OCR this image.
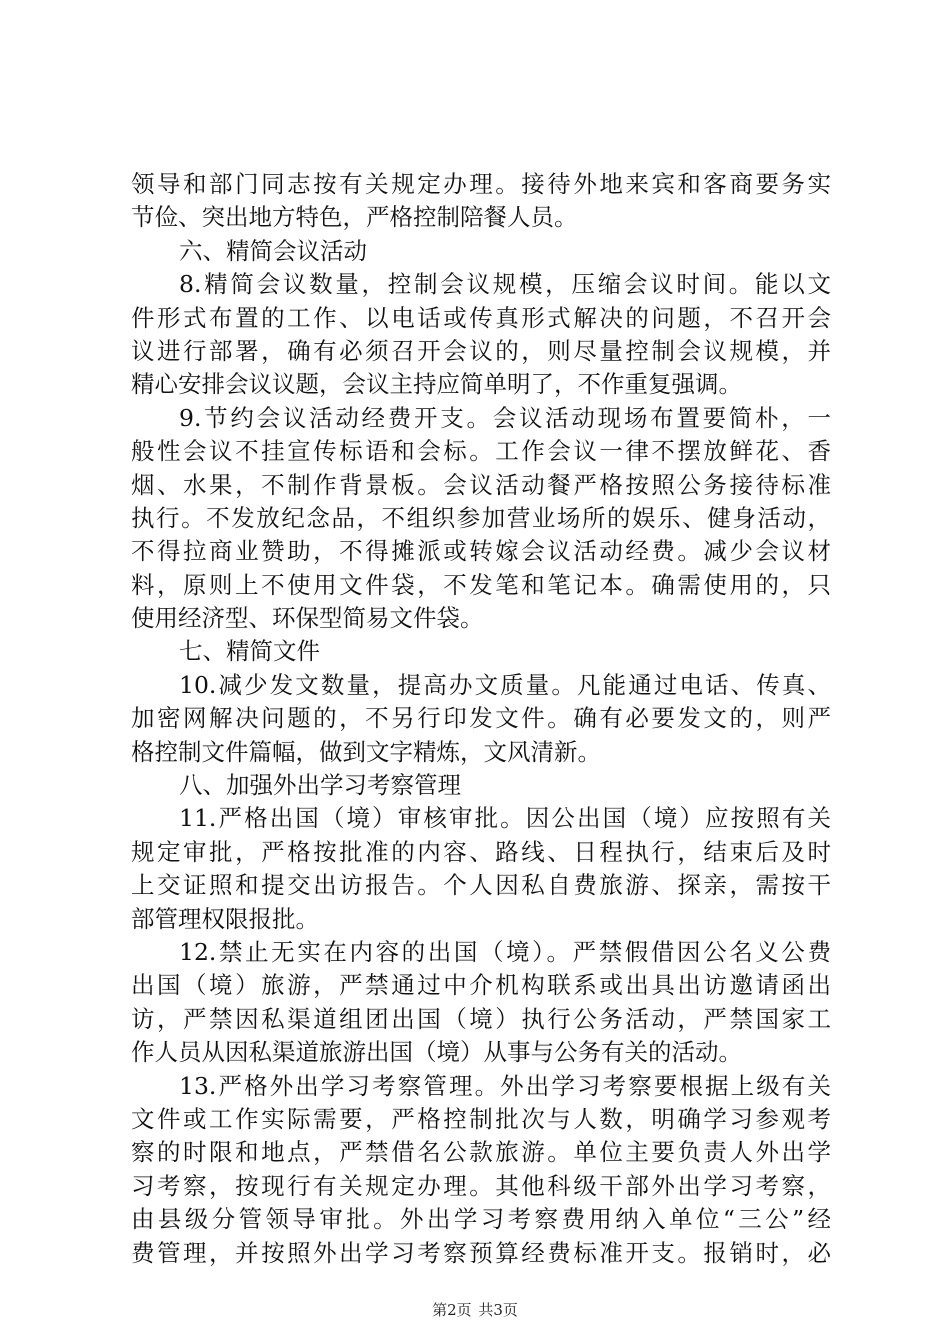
领导和部门同志按有关规定办理。接待外地来宾和客商要务实
节俭、突出地方特色，严格控制陪餐人员。
六、精简会议活动
8.精简会议数量，控制会议规模，压缩会议时间。能以文
件形式布置的工作、以电话或传真形式解决的问题，不召开会
议进行部署，确有必须召开会议的，则尽量控制会议规模，并
精心安排会议议题，会议主持应简单明了，不作重复强调。
9.节约会议活动经费开支。会议活动现场布置要简朴，一
般性会议不挂宣传标语和会标。工作会议一律不摆放鲜花、香
烟、水果，不制作背景板。会议活动餐严格按照公务接待标准
执行。不发放纪念品，不组织参加营业场所的娱乐、健身活动，
不得拉商业赞助，不得摊派或转嫁会议活动经费。减少会议材
料，原则上不使用文件袋，不发笔和笔记本。确需使用的，只
使用经济型、环保型简易文件袋。
七、精简文件
10.减少发文数量，提高办文质量。凡能通过电话、传真、
加密网解决问题的，不另行印发文件。确有必要发文的，则严
格控制文件篇幅，做到文字精炼，文风清新。
八、加强外出学习考察管理
11.严格出国（境）审核审批。因公出国（境）应按照有关
规定审批，严格按批准的内容、路线、日程执行，结束后及时
上交证照和提交出访报告。个人因私自费旅游、探亲，需按干
部管理权限报批。
12.禁止无实在内容的出国（境）。严禁假借因公名义公费
出国（境）旅游，严禁通过中介机构联系或出具出访邀请函出
访，严禁因私渠道组团出国（境）执行公务活动，严禁国家工
作人员从因私渠道旅游出国（境）从事与公务有关的活动。
13.严格外出学习考察管理。外出学习考察要根据上级有关
文件或工作实际需要，严格控制批次与人数，明确学习参观考
察的时限和地点，严禁借名公款旅游。单位主要负责人外出学
习考察，按现行有关规定办理。其他科级干部外出学习考察，
由县级分管领导审批。外出学习考察费用纳入单位“三公”经
费管理，并按照外出学习考察预算经费标准开支。报销时，必
第2页 共3页
